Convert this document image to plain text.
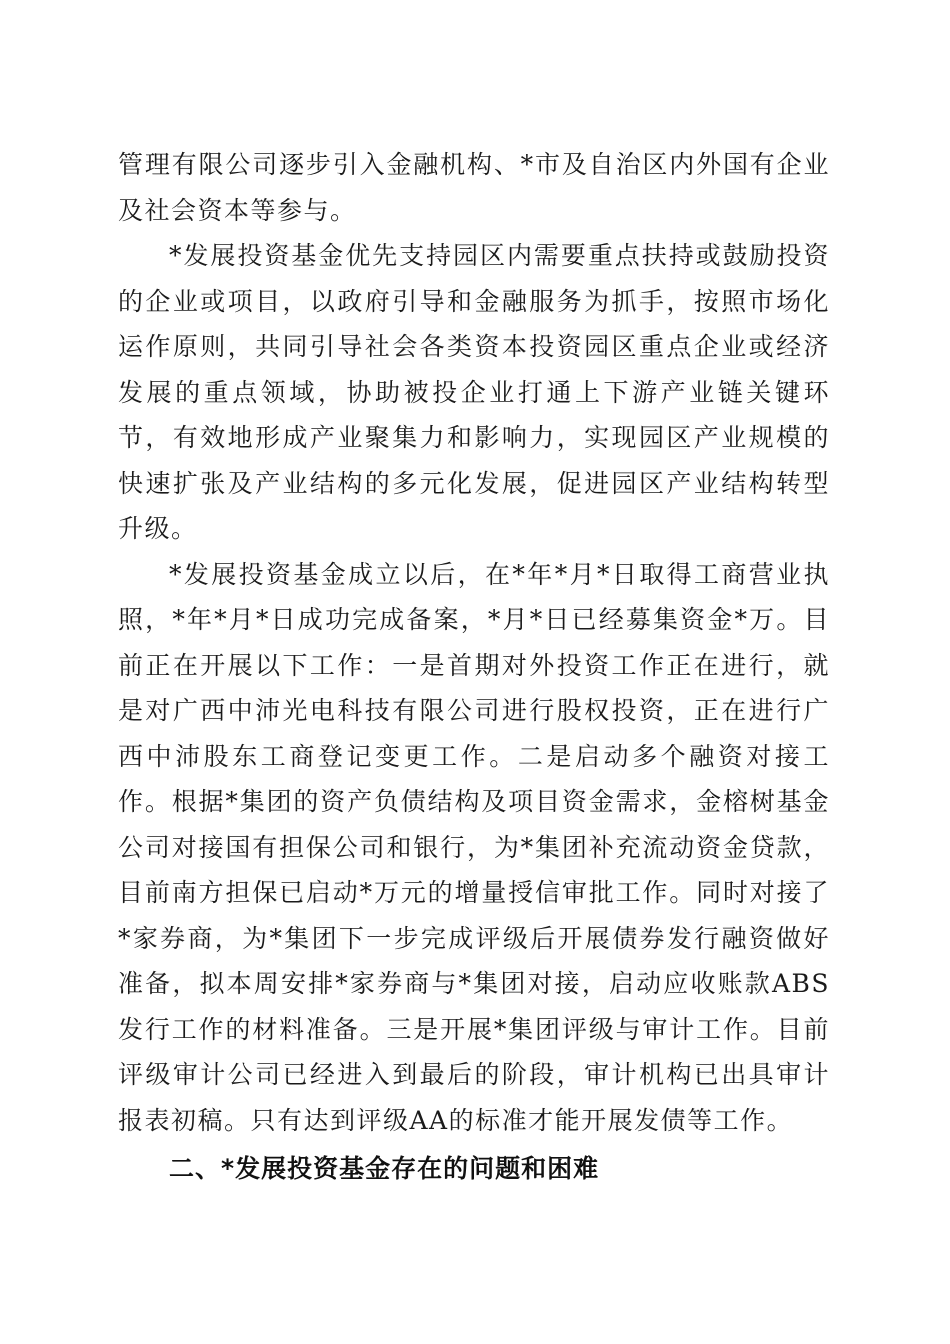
管理有限公司逐步引入金融机构、*市及自治区内外国有企业及社会资本等参与。

*发展投资基金优先支持园区内需要重点扶持或鼓励投资的企业或项目，以政府引导和金融服务为抓手，按照市场化运作原则，共同引导社会各类资本投资园区重点企业或经济发展的重点领域，协助被投企业打通上下游产业链关键环节，有效地形成产业聚集力和影响力，实现园区产业规模的快速扩张及产业结构的多元化发展，促进园区产业结构转型升级。

*发展投资基金成立以后，在*年*月*日取得工商营业执照，*年*月*日成功完成备案，*月*日已经募集资金*万。目前正在开展以下工作：一是首期对外投资工作正在进行，就是对广西中沛光电科技有限公司进行股权投资，正在进行广西中沛股东工商登记变更工作。二是启动多个融资对接工作。根据*集团的资产负债结构及项目资金需求，金榕树基金公司对接国有担保公司和银行，为*集团补充流动资金贷款，目前南方担保已启动*万元的增量授信审批工作。同时对接了*家券商，为*集团下一步完成评级后开展债券发行融资做好准备，拟本周安排*家券商与*集团对接，启动应收账款ABS发行工作的材料准备。三是开展*集团评级与审计工作。目前评级审计公司已经进入到最后的阶段，审计机构已出具审计报表初稿。只有达到评级AA的标准才能开展发债等工作。

二、*发展投资基金存在的问题和困难
